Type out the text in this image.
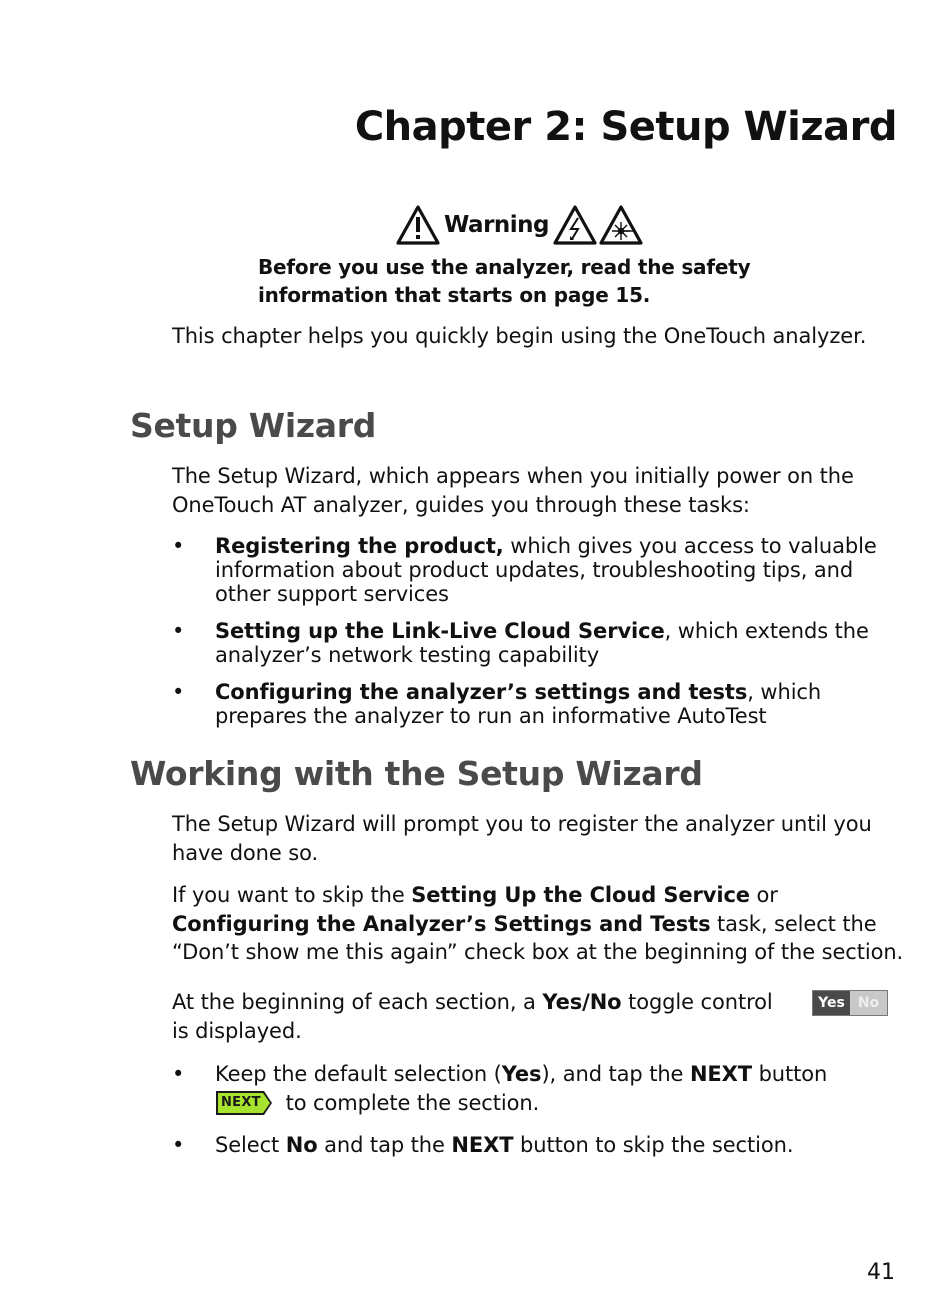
Chapter 2: Setup Wizard
Warning

Before you use the analyzer, read the safety information that starts on page 15.

This chapter helps you quickly begin using the OneTouch analyzer.

Setup Wizard

The Setup Wizard, which appears when you initially power on the OneTouch AT analyzer, guides you through these tasks:

• Registering the product, which gives you access to valuable information about product updates, troubleshooting tips, and other support services
• Setting up the Link-Live Cloud Service, which extends the analyzer’s network testing capability
• Configuring the analyzer’s settings and tests, which prepares the analyzer to run an informative AutoTest
Working with the Setup Wizard

The Setup Wizard will prompt you to register the analyzer until you have done so.

If you want to skip the Setting Up the Cloud Service or Configuring the Analyzer’s Settings and Tests task, select the “Don’t show me this again” check box at the beginning of the section.

At the beginning of each section, a Yes/No toggle control
is displayed.

Yes No
• Keep the default selection (Yes), and tap the NEXT button

NEXT to complete the section.
• Select No and tap the NEXT button to skip the section.

41
